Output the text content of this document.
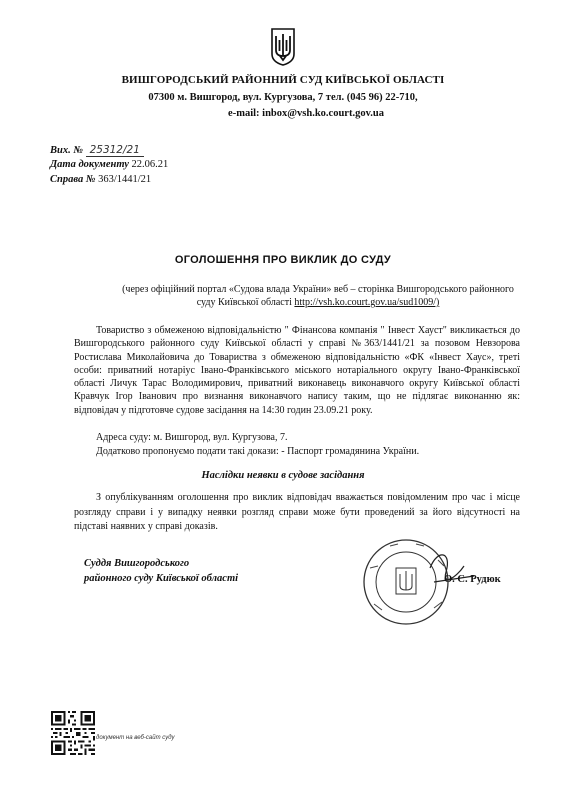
ВИШГОРОДСЬКИЙ РАЙОННИЙ СУД КИЇВСЬКОЇ ОБЛАСТІ
07300 м. Вишгород, вул. Кургузова, 7 тел. (045 96) 22-710,
e-mail: inbox@vsh.ko.court.gov.ua
Вих. № 25312/21
Дата документу 22.06.21
Справа № 363/1441/21
ОГОЛОШЕННЯ ПРО ВИКЛИК ДО СУДУ
(через офіційний портал «Судова влада України» веб – сторінка Вишгородського районного суду Київської області http://vsh.ko.court.gov.ua/sud1009/)
Товариство з обмеженою відповідальністю " Фінансова компанія " Інвест Хауст" викликається до Вишгородського районного суду Київської області у справі №363/1441/21 за позовом Невзорова Ростислава Миколайовича до Товариства з обмеженою відповідальністю «ФК «Інвест Хаус», треті особи: приватний нотаріус Івано-Франківського міського нотаріального округу Івано-Франківської області Личук Тарас Володимирович, приватний виконавець виконавчого округу Київської області Кравчук Ігор Іванович про визнання виконавчого напису таким, що не підлягає виконанню як: відповідач у підготовче судове засідання на 14:30 годин 23.09.21 року.
Адреса суду: м. Вишгород, вул. Кургузова, 7.
Додатково пропонуємо подати такі докази: - Паспорт громадянина України.
Наслідки неявки в судове засідання
З опублікуванням оголошення про виклик відповідач вважається повідомленим про час і місце розгляду справи і у випадку неявки розгляд справи може бути проведений за його відсутності на підставі наявних у справі доказів.
Суддя Вишгородського
районного суду Київської області	О. С. Рудюк
документ на веб-сайт суду
